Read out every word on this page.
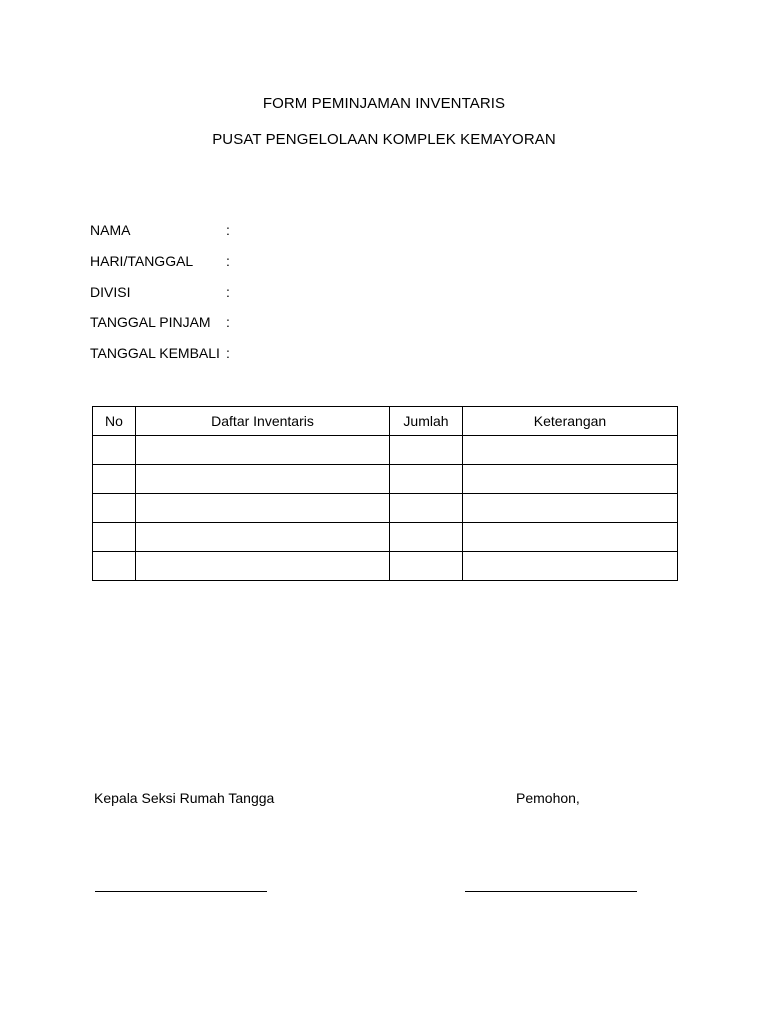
FORM PEMINJAMAN INVENTARIS
PUSAT PENGELOLAAN KOMPLEK KEMAYORAN
NAMA	:
HARI/TANGGAL :
DIVISI	:
TANGGAL PINJAM :
TANGGAL KEMBALI :
No	Daftar Inventaris	Jumlah	Keterangan

Kepala Seksi Rumah Tangga	Pemohon,
